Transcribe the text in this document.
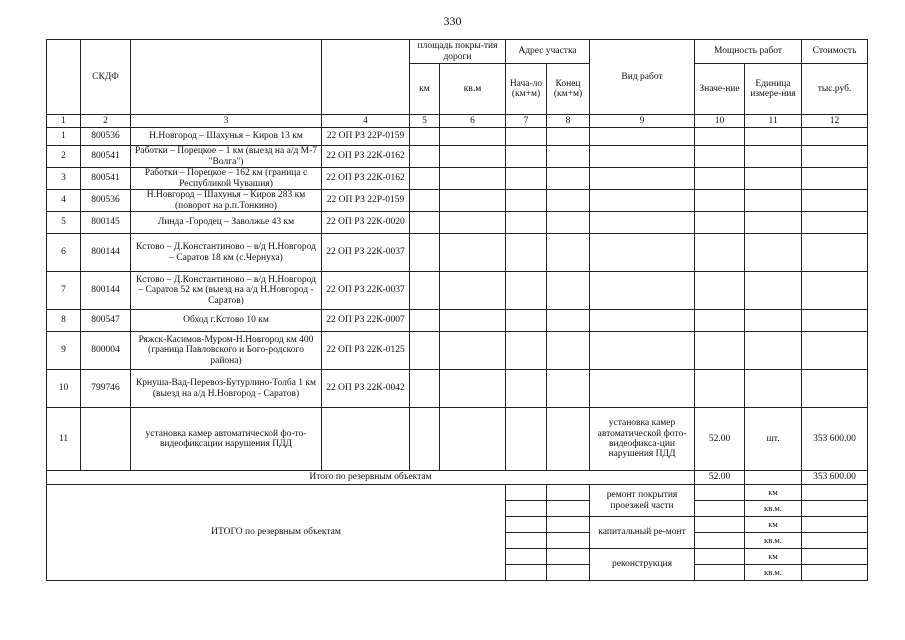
330
	СКДФ			площадь покры-тия дороги		Адрес участка		Вид работ	Мощность работ		Стоимость
				км	кв.м	Нача-ло (км+м)	Конец (км+м)		Значе-ние	Единица измере-ния	тыс.руб.
1	2	3	4	5	6	7	8	9	10	11	12
1	800536	Н.Новгород – Шахунья – Киров 13 км	22 ОП РЗ 22Р-0159								
2	800541	Работки – Порецкое – 1 км (выезд на а/д М-7 "Волга")	22 ОП РЗ 22К-0162								
3	800541	Работки – Порецкое – 162 км (граница с Республикой Чувашия)	22 ОП РЗ 22К-0162								
4	800536	Н.Новгород – Шахунья – Киров 283 км (поворот на р.п.Тонкино)	22 ОП РЗ 22Р-0159								
5	800145	Линда -Городец – Заволжье 43 км	22 ОП РЗ 22К-0020								
6	800144	Кстово – Д.Константиново – в/д Н.Новгород – Саратов 18 км (с.Чернуха)	22 ОП РЗ 22К-0037								
7	800144	Кстово – Д.Константиново – в/д Н.Новгород – Саратов 52 км (выезд на а/д Н.Новгород - Саратов)	22 ОП РЗ 22К-0037								
8	800547	Обход г.Кстово 10 км	22 ОП РЗ 22К-0007								
9	800004	Ряжск-Касимов-Муром-Н.Новгород км 400 (граница Павловского и Бого-родского района)	22 ОП РЗ 22К-0125								
10	799746	Кpнуша-Вад-Перевоз-Бутурлино-Толба 1 км (выезд на а/д Н.Новгород - Саратов)	22 ОП РЗ 22К-0042								
11		установка камер автоматической фо-то- видеофиксации нарушения ПДД						установка камер автоматической фото- видеофикса-ции нарушения ПДД	52.00	шт.	353 600.00
Итого по резервным объектам									52.00		353 600.00
ИТОГО по резервным объектам								ремонт покрытия проезжей части		км	
										кв.м.	
								капитальный ре-монт		км	
										кв.м.	
								реконструкция		км	
										кв.м.	
